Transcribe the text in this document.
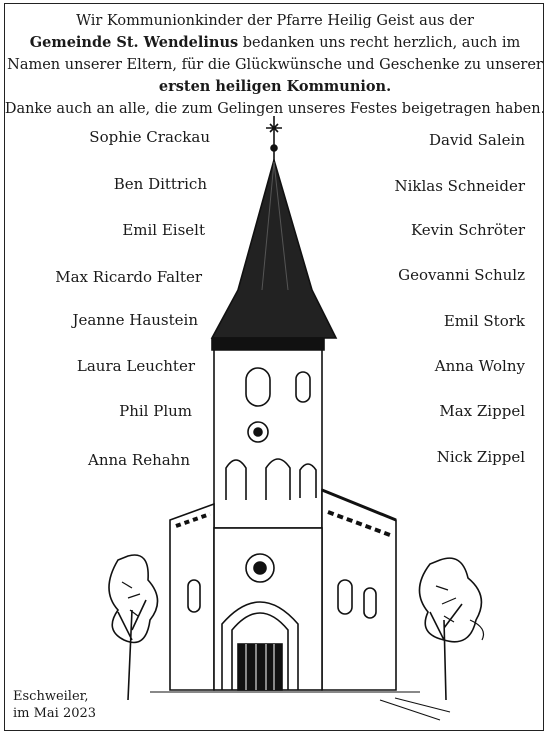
Wir Kommunionkinder der Pfarre Heilig Geist aus der
Gemeinde St. Wendelinus bedanken uns recht herzlich, auch im
Namen unserer Eltern, für die Glückwünsche und Geschenke zu unserer
ersten heiligen Kommunion.
Danke auch an alle, die zum Gelingen unseres Festes beigetragen haben.
Sophie Crackau
Ben Dittrich
Emil Eiselt
Max Ricardo Falter
Jeanne Haustein
Laura Leuchter
Phil Plum
Anna Rehahn
David Salein
Niklas Schneider
Kevin Schröter
Geovanni Schulz
Emil Stork
Anna Wolny
Max Zippel
Nick Zippel
Eschweiler,
im Mai 2023
